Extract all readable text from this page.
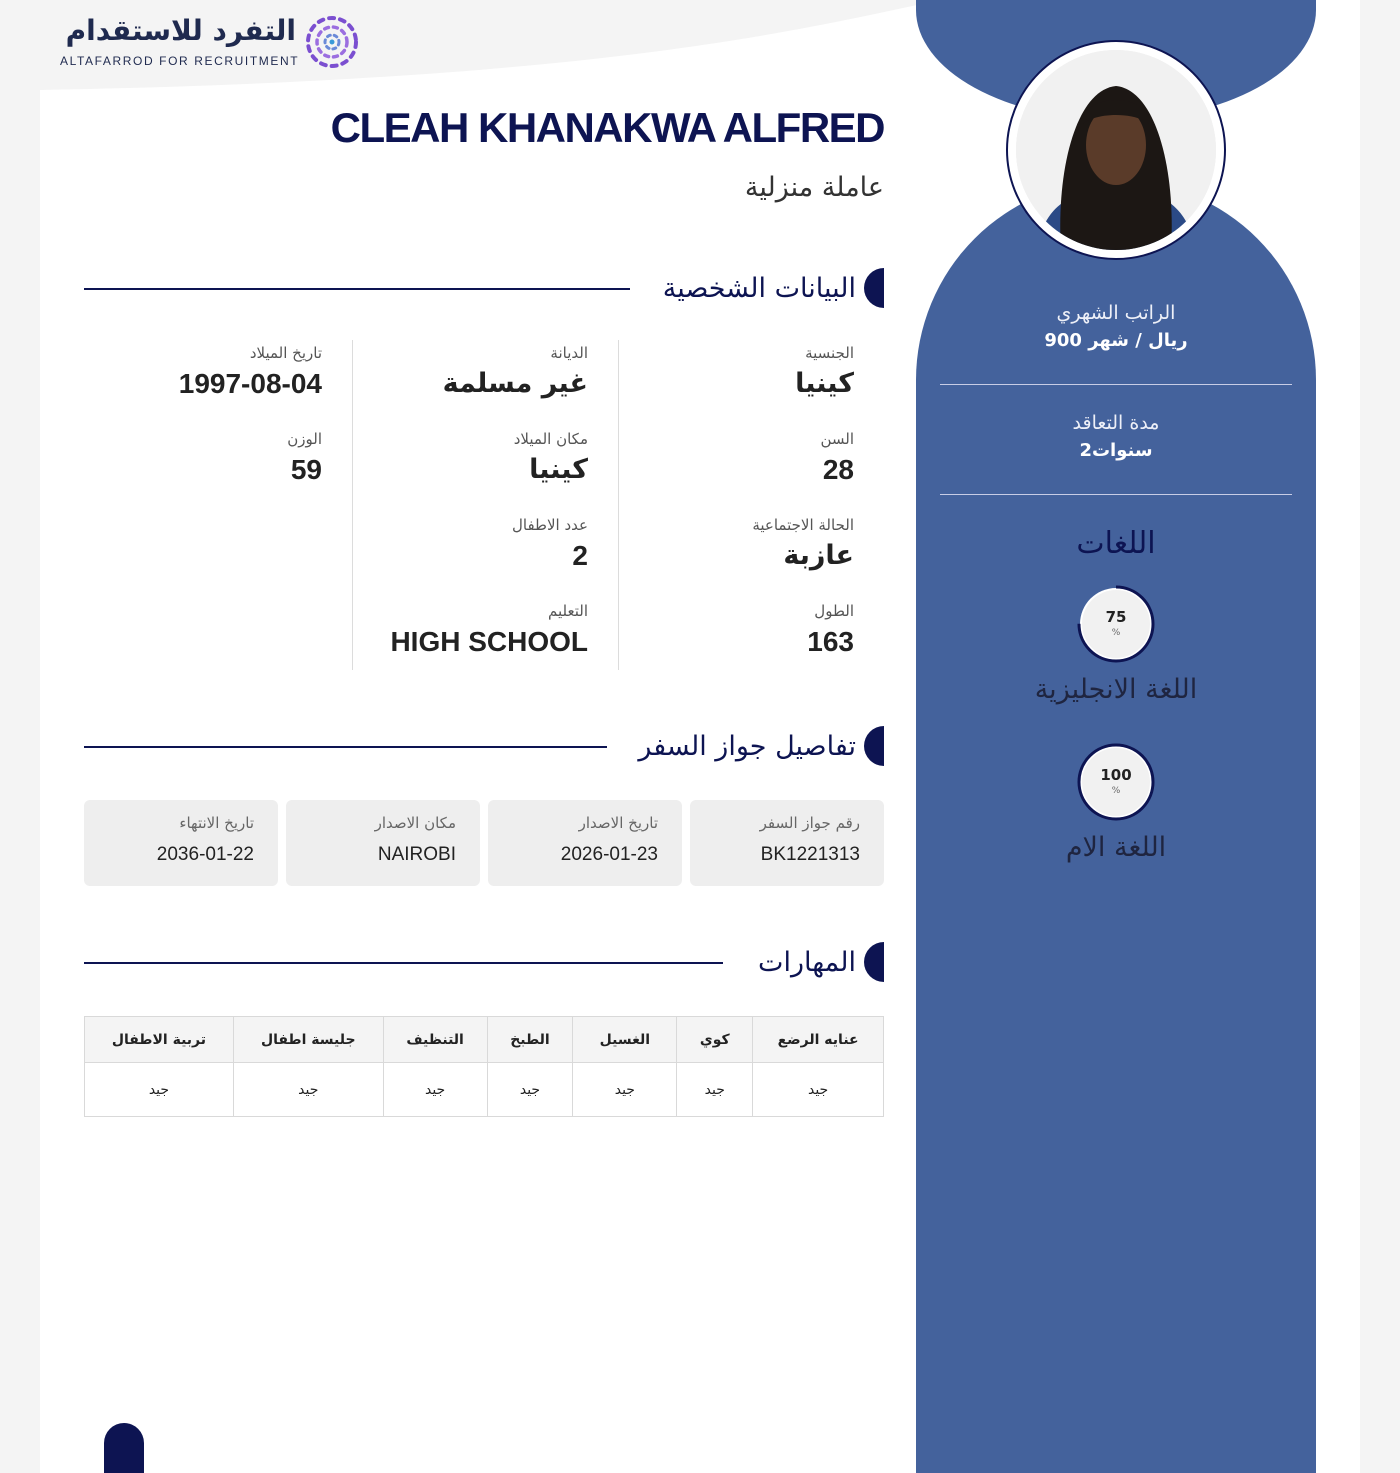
التفرد للاستقدام
ALTAFARROD FOR RECRUITMENT
CLEAH KHANAKWA ALFRED
عاملة منزلية
البيانات الشخصية
الجنسية
كينيا
السن
28
الحالة الاجتماعية
عازبة
الطول
163
الديانة
غير مسلمة
مكان الميلاد
كينيا
عدد الاطفال
2
التعليم
HIGH SCHOOL
تاريخ الميلاد
1997-08-04
الوزن
59
تفاصيل جواز السفر
رقم جواز السفر
BK1221313
تاريخ الاصدار
2026-01-23
مكان الاصدار
NAIROBI
تاريخ الانتهاء
2036-01-22
المهارات
عنايه الرضع	كوي	الغسيل	الطبخ	التنظيف	جليسة اطفال	تربية الاطفال
جيد	جيد	جيد	جيد	جيد	جيد	جيد
الراتب الشهري
900 ريال / شهر
مدة التعاقد
2سنوات
اللغات
75
%
اللغة الانجليزية
100
%
اللغة الام
